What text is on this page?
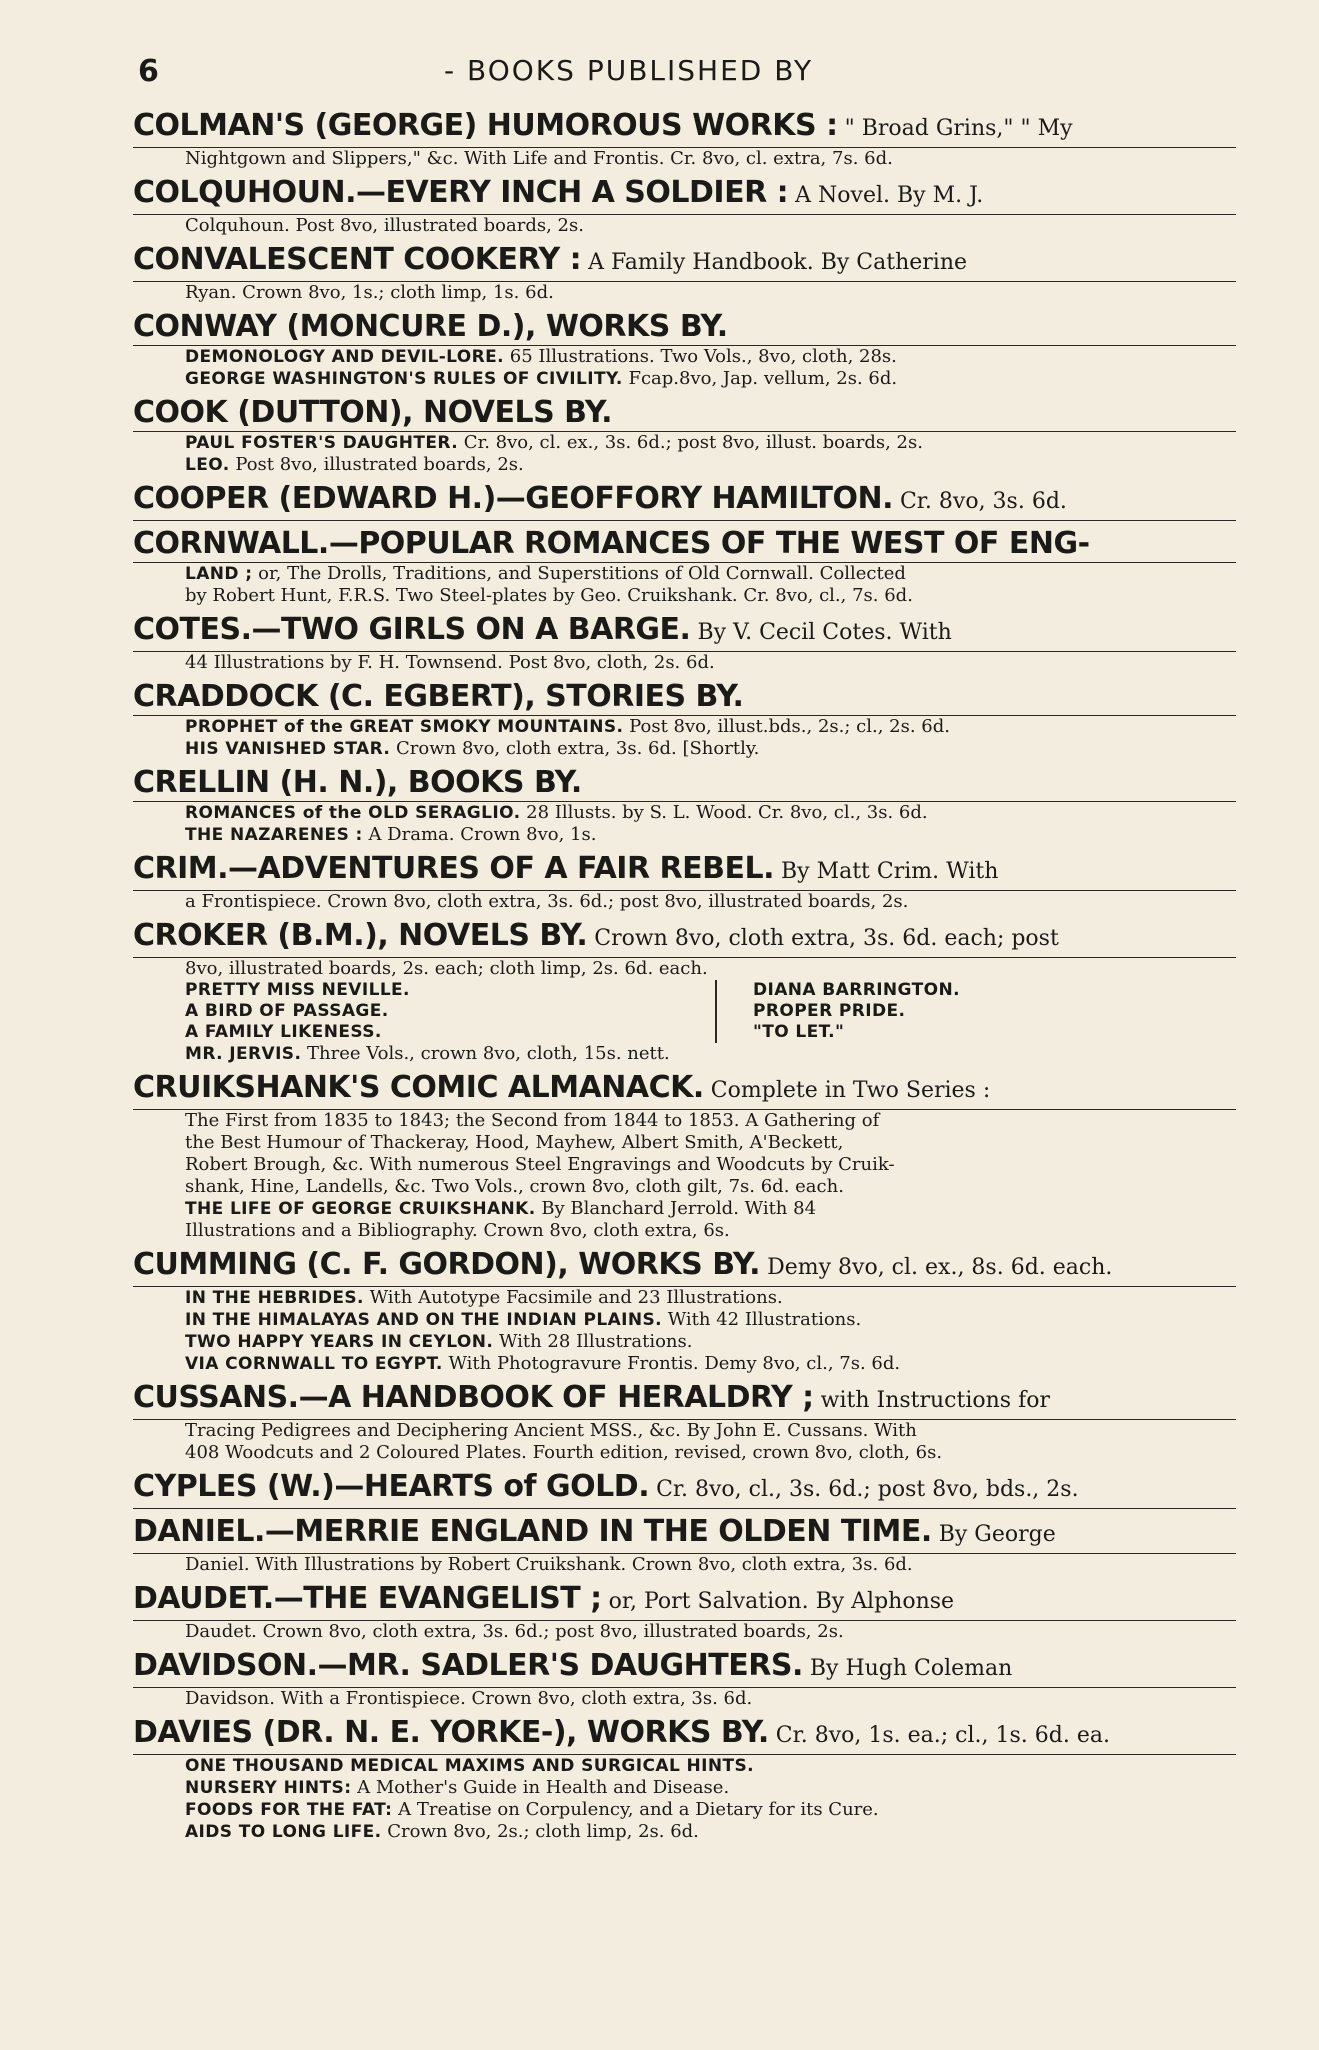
6	- BOOKS PUBLISHED BY
COLMAN'S (GEORGE) HUMOROUS WORKS : " Broad Grins," " My
Nightgown and Slippers," &c. With Life and Frontis. Cr. 8vo, cl. extra, 7s. 6d.
COLQUHOUN.—EVERY INCH A SOLDIER : A Novel. By M. J.
Colquhoun. Post 8vo, illustrated boards, 2s.
CONVALESCENT COOKERY : A Family Handbook. By Catherine
Ryan. Crown 8vo, 1s.; cloth limp, 1s. 6d.
CONWAY (MONCURE D.), WORKS BY.
DEMONOLOGY AND DEVIL-LORE. 65 Illustrations. Two Vols., 8vo, cloth, 28s.
GEORGE WASHINGTON'S RULES OF CIVILITY. Fcap.8vo, Jap. vellum, 2s. 6d.
COOK (DUTTON), NOVELS BY.
PAUL FOSTER'S DAUGHTER. Cr. 8vo, cl. ex., 3s. 6d.; post 8vo, illust. boards, 2s.
LEO. Post 8vo, illustrated boards, 2s.
COOPER (EDWARD H.)—GEOFFORY HAMILTON. Cr. 8vo, 3s. 6d.
CORNWALL.—POPULAR ROMANCES OF THE WEST OF ENG-
LAND ; or, The Drolls, Traditions, and Superstitions of Old Cornwall. Collected
by Robert Hunt, F.R.S. Two Steel-plates by Geo. Cruikshank. Cr. 8vo, cl., 7s. 6d.
COTES.—TWO GIRLS ON A BARGE. By V. Cecil Cotes. With
44 Illustrations by F. H. Townsend. Post 8vo, cloth, 2s. 6d.
CRADDOCK (C. EGBERT), STORIES BY.
PROPHET of the GREAT SMOKY MOUNTAINS. Post 8vo, illust.bds., 2s.; cl., 2s. 6d.
HIS VANISHED STAR. Crown 8vo, cloth extra, 3s. 6d. [Shortly.
CRELLIN (H. N.), BOOKS BY.
ROMANCES of the OLD SERAGLIO. 28 Illusts. by S. L. Wood. Cr. 8vo, cl., 3s. 6d.
THE NAZARENES : A Drama. Crown 8vo, 1s.
CRIM.—ADVENTURES OF A FAIR REBEL. By Matt Crim. With
a Frontispiece. Crown 8vo, cloth extra, 3s. 6d.; post 8vo, illustrated boards, 2s.
CROKER (B.M.), NOVELS BY. Crown 8vo, cloth extra, 3s. 6d. each; post
8vo, illustrated boards, 2s. each; cloth limp, 2s. 6d. each.
PRETTY MISS NEVILLE.
A BIRD OF PASSAGE.
A FAMILY LIKENESS.
DIANA BARRINGTON.
PROPER PRIDE.
"TO LET."
MR. JERVIS. Three Vols., crown 8vo, cloth, 15s. nett.
CRUIKSHANK'S COMIC ALMANACK. Complete in Two Series :
The First from 1835 to 1843; the Second from 1844 to 1853. A Gathering of
the Best Humour of Thackeray, Hood, Mayhew, Albert Smith, A'Beckett,
Robert Brough, &c. With numerous Steel Engravings and Woodcuts by Cruik-
shank, Hine, Landells, &c. Two Vols., crown 8vo, cloth gilt, 7s. 6d. each.
THE LIFE OF GEORGE CRUIKSHANK. By Blanchard Jerrold. With 84
Illustrations and a Bibliography. Crown 8vo, cloth extra, 6s.
CUMMING (C. F. GORDON), WORKS BY. Demy 8vo, cl. ex., 8s. 6d. each.
IN THE HEBRIDES. With Autotype Facsimile and 23 Illustrations.
IN THE HIMALAYAS AND ON THE INDIAN PLAINS. With 42 Illustrations.
TWO HAPPY YEARS IN CEYLON. With 28 Illustrations.
VIA CORNWALL TO EGYPT. With Photogravure Frontis. Demy 8vo, cl., 7s. 6d.
CUSSANS.—A HANDBOOK OF HERALDRY ; with Instructions for
Tracing Pedigrees and Deciphering Ancient MSS., &c. By John E. Cussans. With
408 Woodcuts and 2 Coloured Plates. Fourth edition, revised, crown 8vo, cloth, 6s.
CYPLES (W.)—HEARTS of GOLD. Cr. 8vo, cl., 3s. 6d.; post 8vo, bds., 2s.
DANIEL.—MERRIE ENGLAND IN THE OLDEN TIME. By George
Daniel. With Illustrations by Robert Cruikshank. Crown 8vo, cloth extra, 3s. 6d.
DAUDET.—THE EVANGELIST ; or, Port Salvation. By Alphonse
Daudet. Crown 8vo, cloth extra, 3s. 6d.; post 8vo, illustrated boards, 2s.
DAVIDSON.—MR. SADLER'S DAUGHTERS. By Hugh Coleman
Davidson. With a Frontispiece. Crown 8vo, cloth extra, 3s. 6d.
DAVIES (DR. N. E. YORKE-), WORKS BY. Cr. 8vo, 1s. ea.; cl., 1s. 6d. ea.
ONE THOUSAND MEDICAL MAXIMS AND SURGICAL HINTS.
NURSERY HINTS: A Mother's Guide in Health and Disease.
FOODS FOR THE FAT: A Treatise on Corpulency, and a Dietary for its Cure.
AIDS TO LONG LIFE. Crown 8vo, 2s.; cloth limp, 2s. 6d.
